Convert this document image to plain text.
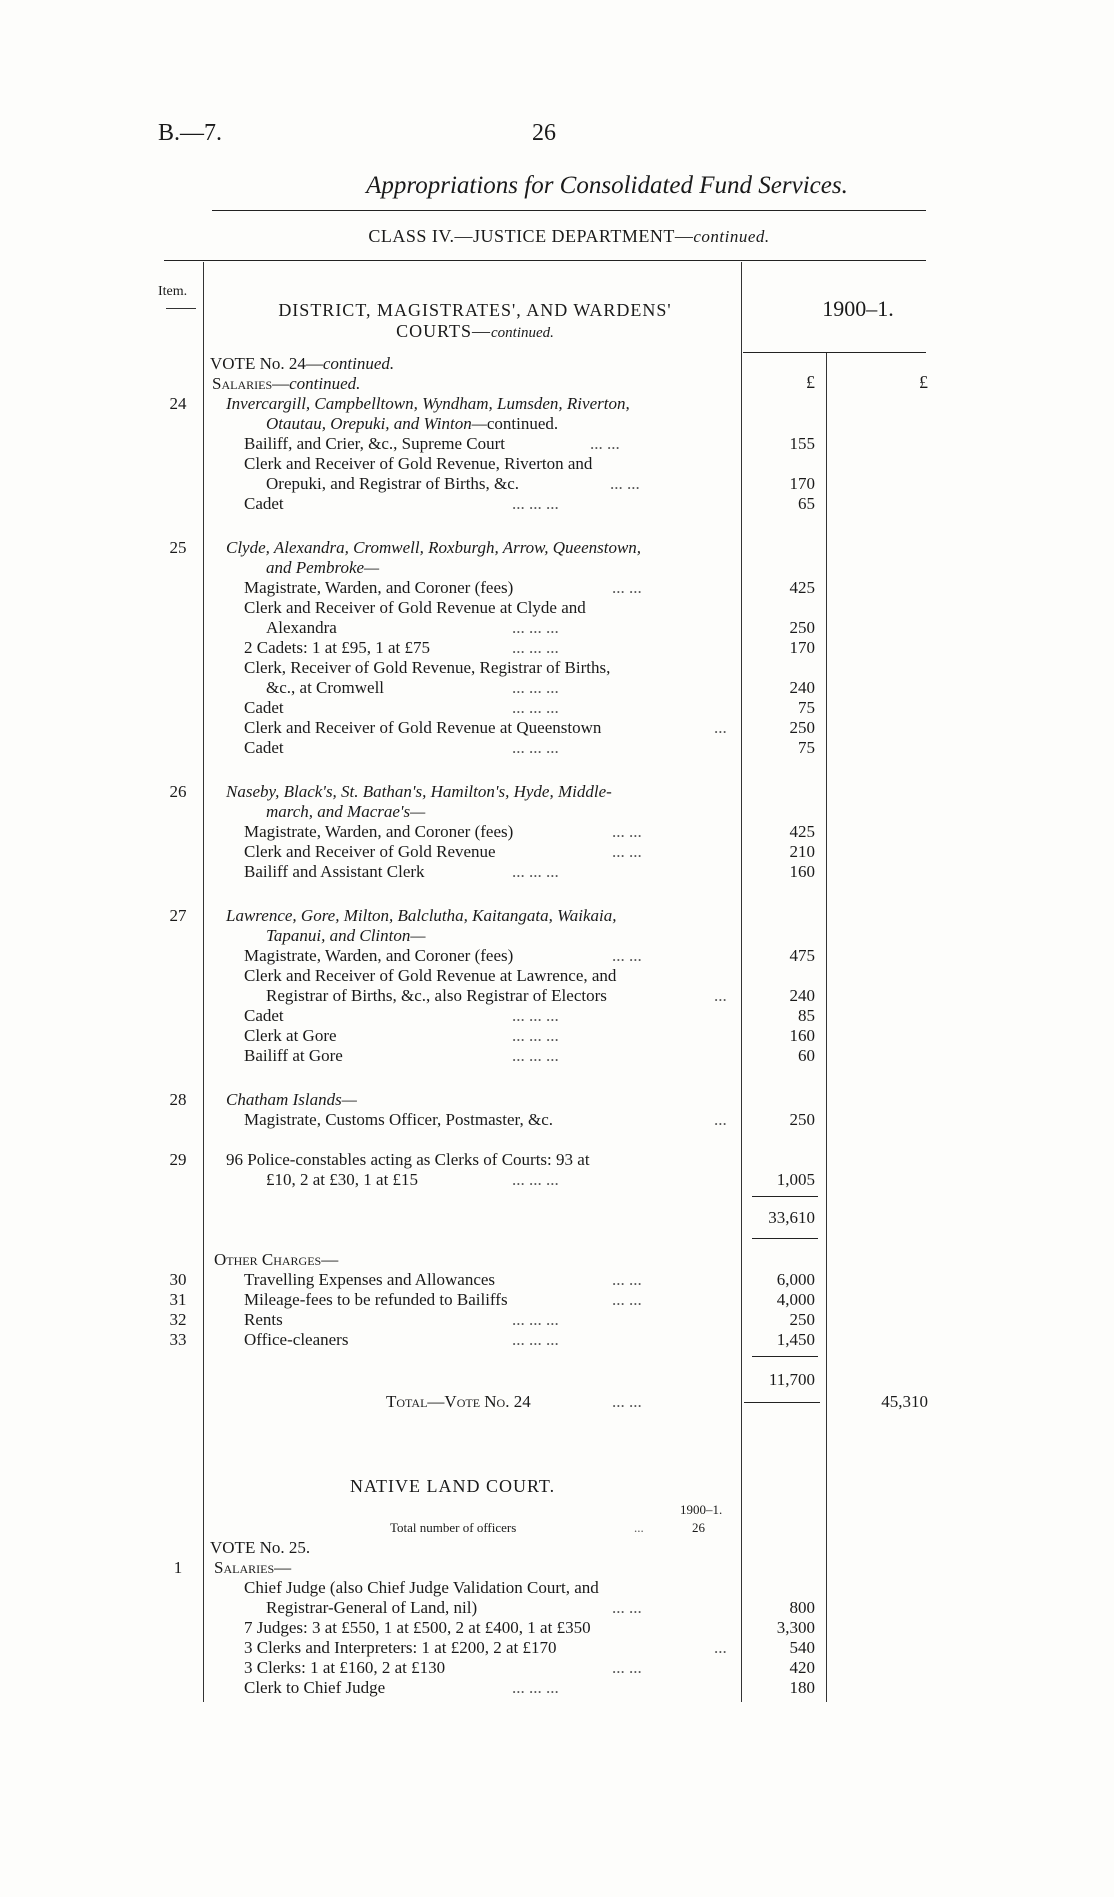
B.—7.	26
Appropriations for Consolidated Fund Services.
CLASS IV.—JUSTICE DEPARTMENT—continued.
Item.
DISTRICT, MAGISTRATES', AND WARDENS'
COURTS—continued.
1900–1.
VOTE No. 24—continued.
Salaries—continued.	£	£
24	Invercargill, Campbelltown, Wyndham, Lumsden, Riverton,
Otautau, Orepuki, and Winton—continued.
Bailiff, and Crier, &c., Supreme Court	... ...	155
Clerk and Receiver of Gold Revenue, Riverton and
Orepuki, and Registrar of Births, &c.	... ...	170
Cadet	... ... ...	65
25	Clyde, Alexandra, Cromwell, Roxburgh, Arrow, Queenstown,
and Pembroke—
Magistrate, Warden, and Coroner (fees)	... ...	425
Clerk and Receiver of Gold Revenue at Clyde and
Alexandra	... ... ...	250
2 Cadets: 1 at £95, 1 at £75	... ... ...	170
Clerk, Receiver of Gold Revenue, Registrar of Births,
&c., at Cromwell	... ... ...	240
Cadet	... ... ...	75
Clerk and Receiver of Gold Revenue at Queenstown	...	250
Cadet	... ... ...	75
26	Naseby, Black's, St. Bathan's, Hamilton's, Hyde, Middle-
march, and Macrae's—
Magistrate, Warden, and Coroner (fees)	... ...	425
Clerk and Receiver of Gold Revenue	... ...	210
Bailiff and Assistant Clerk	... ... ...	160
27	Lawrence, Gore, Milton, Balclutha, Kaitangata, Waikaia,
Tapanui, and Clinton—
Magistrate, Warden, and Coroner (fees)	... ...	475
Clerk and Receiver of Gold Revenue at Lawrence, and
Registrar of Births, &c., also Registrar of Electors	...	240
Cadet	... ... ...	85
Clerk at Gore	... ... ...	160
Bailiff at Gore	... ... ...	60
28	Chatham Islands—
Magistrate, Customs Officer, Postmaster, &c.	...	250
29	96 Police-constables acting as Clerks of Courts: 93 at
£10, 2 at £30, 1 at £15	... ... ...	1,005
33,610
Other Charges—
30	Travelling Expenses and Allowances	... ...	6,000
31	Mileage-fees to be refunded to Bailiffs	... ...	4,000
32	Rents	... ... ...	250
33	Office-cleaners	... ... ...	1,450
11,700
Total—Vote No. 24	... ...	45,310
NATIVE LAND COURT.
1900–1.
Total number of officers	...	26
VOTE No. 25.
1	Salaries—
Chief Judge (also Chief Judge Validation Court, and
Registrar-General of Land, nil)	... ...	800
7 Judges: 3 at £550, 1 at £500, 2 at £400, 1 at £350	3,300
3 Clerks and Interpreters: 1 at £200, 2 at £170	...	540
3 Clerks: 1 at £160, 2 at £130	... ...	420
Clerk to Chief Judge	... ... ...	180
